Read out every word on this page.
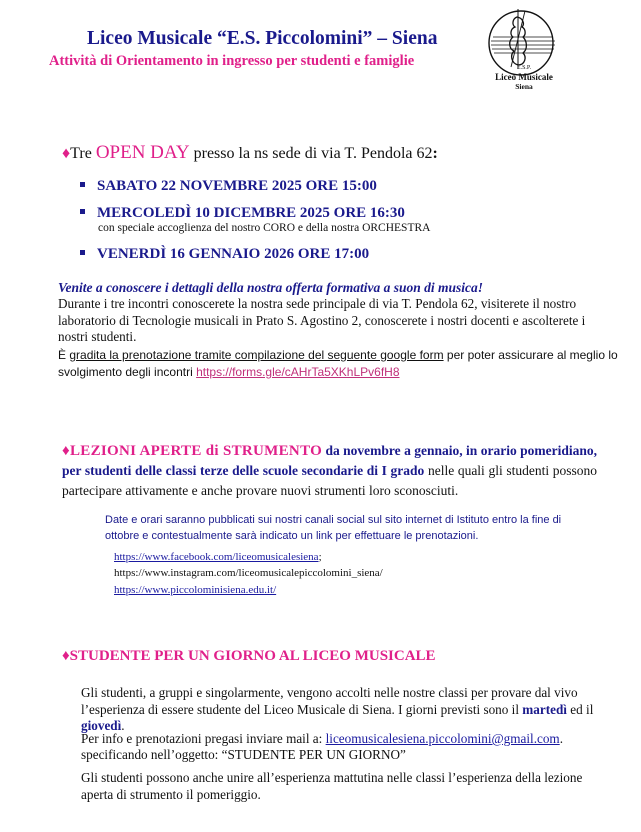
Liceo Musicale “E.S. Piccolomini” – Siena
Attività di Orientamento in ingresso per studenti e famiglie	E.S.P.
Liceo Musicale
Siena
♦Tre OPEN DAY presso la ns sede di via T. Pendola 62:
SABATO 22 NOVEMBRE 2025 ORE 15:00
MERCOLEDÌ 10 DICEMBRE 2025 ORE 16:30
con speciale accoglienza del nostro CORO e della nostra ORCHESTRA
VENERDÌ 16 GENNAIO 2026 ORE 17:00
Venite a conoscere i dettagli della nostra offerta formativa a suon di musica!
Durante i tre incontri conoscerete la nostra sede principale di via T. Pendola 62, visiterete il nostro laboratorio di Tecnologie musicali in Prato S. Agostino 2, conoscerete i nostri docenti e ascolterete i nostri studenti.
È gradita la prenotazione tramite compilazione del seguente google form per poter assicurare al meglio lo svolgimento degli incontri https://forms.gle/cAHrTa5XKhLPv6fH8
♦LEZIONI APERTE di STRUMENTO da novembre a gennaio, in orario pomeridiano, per studenti delle classi terze delle scuole secondarie di I grado nelle quali gli studenti possono partecipare attivamente e anche provare nuovi strumenti loro sconosciuti.
Date e orari saranno pubblicati sui nostri canali social sul sito internet di Istituto entro la fine di ottobre e contestualmente sarà indicato un link per effettuare le prenotazioni.
https://www.facebook.com/liceomusicalesiena;
https://www.instagram.com/liceomusicalepiccolomini_siena/
https://www.piccolominisiena.edu.it/
♦STUDENTE PER UN GIORNO AL LICEO MUSICALE
Gli studenti, a gruppi e singolarmente, vengono accolti nelle nostre classi per provare dal vivo l’esperienza di essere studente del Liceo Musicale di Siena. I giorni previsti sono il martedì ed il giovedì.
Per info e prenotazioni pregasi inviare mail a: liceomusicalesiena.piccolomini@gmail.com.
specificando nell’oggetto: “STUDENTE PER UN GIORNO”
Gli studenti possono anche unire all’esperienza mattutina nelle classi l’esperienza della lezione aperta di strumento il pomeriggio.
